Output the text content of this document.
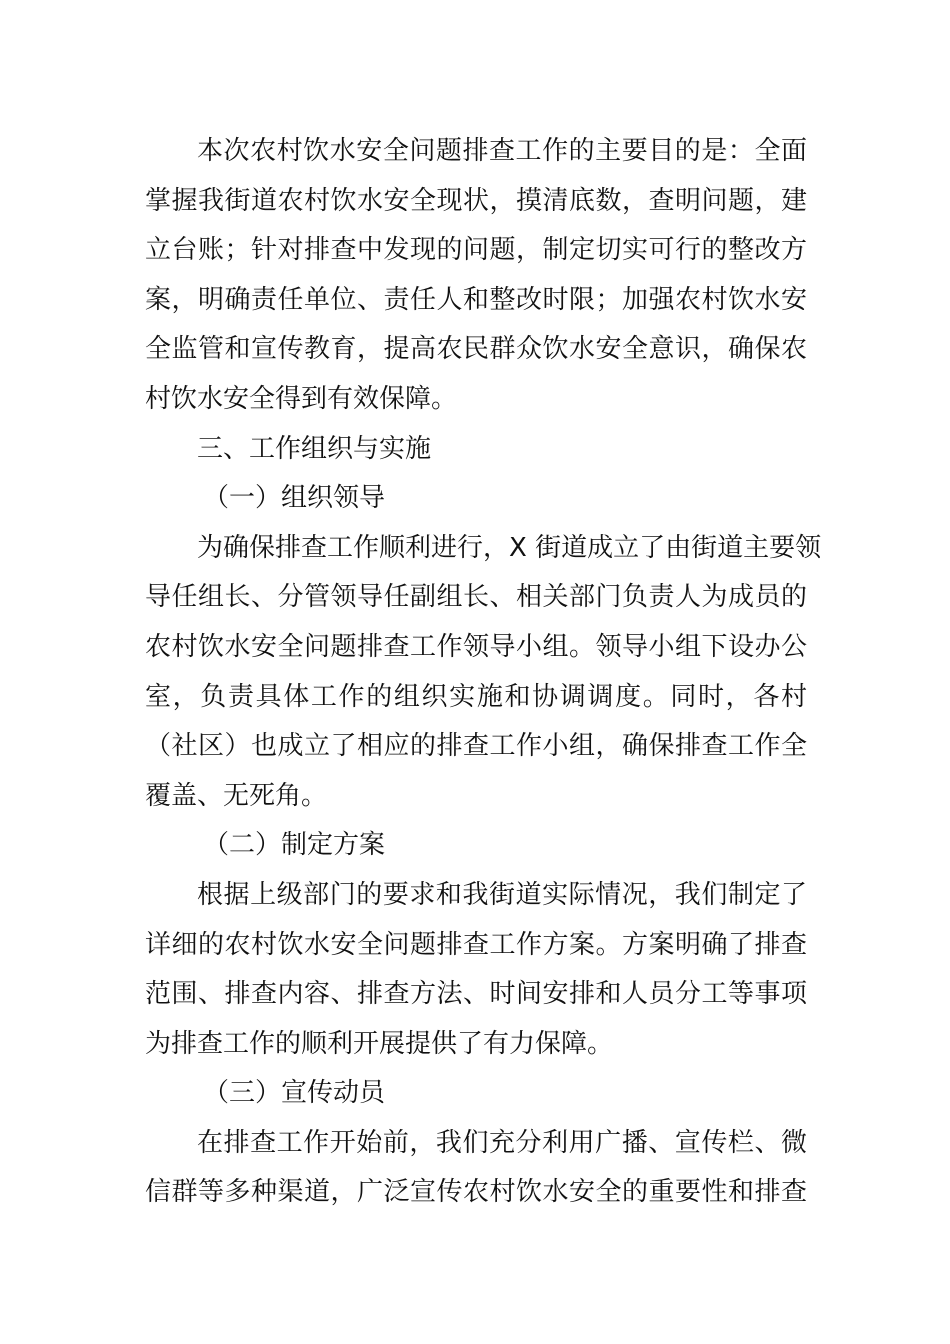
本次农村饮水安全问题排查工作的主要目的是：全面
掌握我街道农村饮水安全现状，摸清底数，查明问题，建
立台账；针对排查中发现的问题，制定切实可行的整改方
案，明确责任单位、责任人和整改时限；加强农村饮水安
全监管和宣传教育，提高农民群众饮水安全意识，确保农
村饮水安全得到有效保障。
三、工作组织与实施
（一）组织领导
为确保排查工作顺利进行，X 街道成立了由街道主要领
导任组长、分管领导任副组长、相关部门负责人为成员的
农村饮水安全问题排查工作领导小组。领导小组下设办公
室，负责具体工作的组织实施和协调调度。同时，各村
（社区）也成立了相应的排查工作小组，确保排查工作全
覆盖、无死角。
（二）制定方案
根据上级部门的要求和我街道实际情况，我们制定了
详细的农村饮水安全问题排查工作方案。方案明确了排查
范围、排查内容、排查方法、时间安排和人员分工等事项
为排查工作的顺利开展提供了有力保障。
（三）宣传动员
在排查工作开始前，我们充分利用广播、宣传栏、微
信群等多种渠道，广泛宣传农村饮水安全的重要性和排查
